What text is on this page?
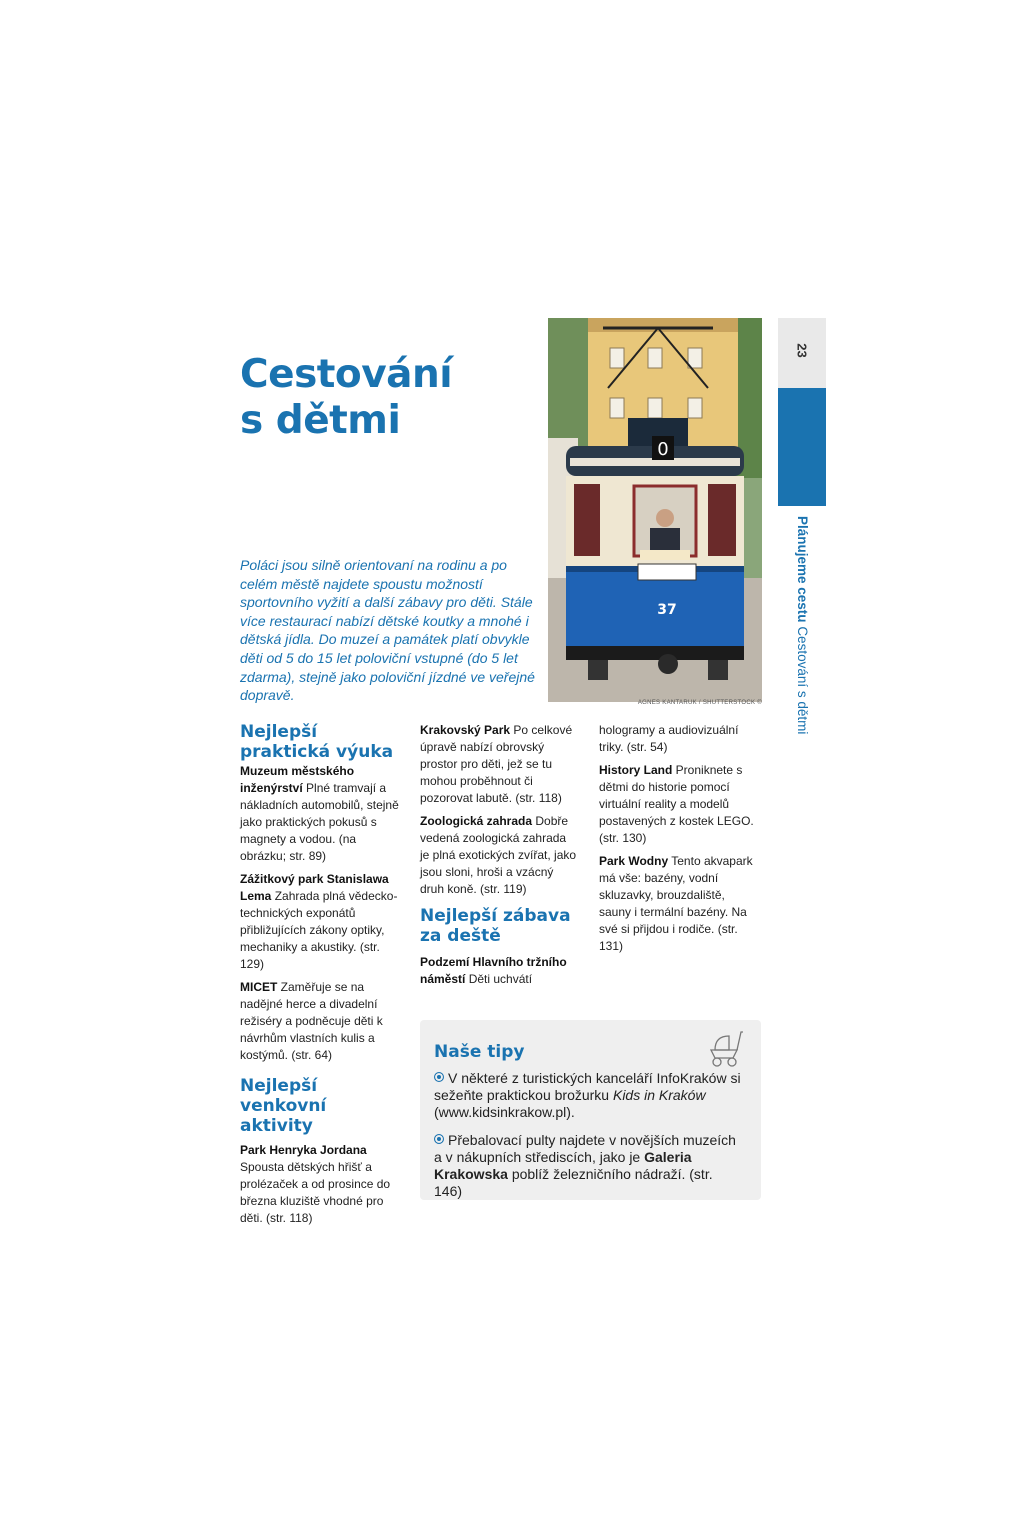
Cestování
s dětmi
Poláci jsou silně orientovaní na rodinu a po celém městě najdete spoustu možností sportovního vyžití a další zábavy pro děti. Stále více restaurací nabízí dětské koutky a mnohé i dětská jídla. Do muzeí a památek platí obvykle děti od 5 do 15 let poloviční vstupné (do 5 let zdarma), stejně jako poloviční jízdné ve veřejné dopravě.
37
0
AGNES KANTARUK / SHUTTERSTOCK ©
23
Plánujeme cestu Cestování s dětmi
Nejlepší praktická výuka

Muzeum městského inženýrství Plné tramvají a nákladních automobilů, stejně jako praktických pokusů s magnety a vodou. (na obrázku; str. 89)

Zážitkový park Stanislawa Lema Zahrada plná vědecko-technických exponátů přibližujících zákony optiky, mechaniky a akustiky. (str. 129)

MICET Zaměřuje se na nadějné herce a divadelní režiséry a podněcuje děti k návrhům vlastních kulis a kostýmů. (str. 64)

Nejlepší venkovní aktivity

Park Henryka Jordana Spousta dětských hřišť a prolézaček a od prosince do března kluziště vhodné pro děti. (str. 118)

Krakovský Park Po celkové úpravě nabízí obrovský prostor pro děti, jež se tu mohou proběhnout či pozorovat labutě. (str. 118)

Zoologická zahrada Dobře vedená zoologická zahrada je plná exotických zvířat, jako jsou sloni, hroši a vzácný druh koně. (str. 119)

Nejlepší zábava za deště

Podzemí Hlavního tržního náměstí Děti uchvátí

hologramy a audiovizuální triky. (str. 54)

History Land Proniknete s dětmi do historie pomocí virtuální reality a modelů postavených z kostek LEGO. (str. 130)

Park Wodny Tento akvapark má vše: bazény, vodní skluzavky, brouzdaliště, sauny i termální bazény. Na své si přijdou i rodiče. (str. 131)

Naše tipy
V některé z turistických kanceláří InfoKraków si sežeňte praktickou brožurku Kids in Kraków (www.kidsinkrakow.pl).
Přebalovací pulty najdete v novějších muzeích a v nákupních střediscích, jako je Galeria Krakowska poblíž železničního nádraží. (str. 146)
